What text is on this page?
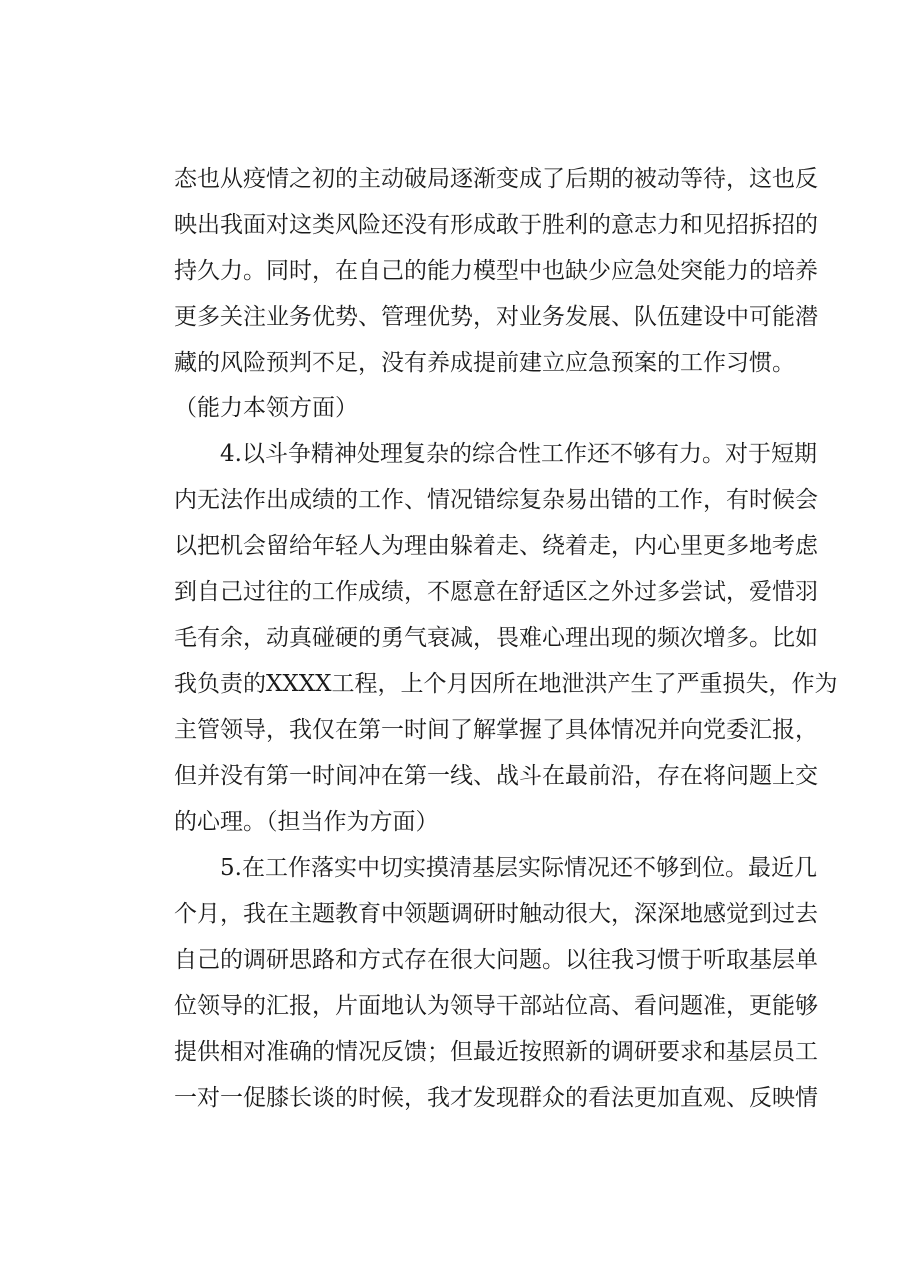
态也从疫情之初的主动破局逐渐变成了后期的被动等待，这也反
映出我面对这类风险还没有形成敢于胜利的意志力和见招拆招的
持久力。同时，在自己的能力模型中也缺少应急处突能力的培养
更多关注业务优势、管理优势，对业务发展、队伍建设中可能潜
藏的风险预判不足，没有养成提前建立应急预案的工作习惯。
（能力本领方面）
4.以斗争精神处理复杂的综合性工作还不够有力。对于短期
内无法作出成绩的工作、情况错综复杂易出错的工作，有时候会
以把机会留给年轻人为理由躲着走、绕着走，内心里更多地考虑
到自己过往的工作成绩，不愿意在舒适区之外过多尝试，爱惜羽
毛有余，动真碰硬的勇气衰减，畏难心理出现的频次增多。比如
我负责的XXXX工程，上个月因所在地泄洪产生了严重损失，作为
主管领导，我仅在第一时间了解掌握了具体情况并向党委汇报，
但并没有第一时间冲在第一线、战斗在最前沿，存在将问题上交
的心理。（担当作为方面）
5.在工作落实中切实摸清基层实际情况还不够到位。最近几
个月，我在主题教育中领题调研时触动很大，深深地感觉到过去
自己的调研思路和方式存在很大问题。以往我习惯于听取基层单
位领导的汇报，片面地认为领导干部站位高、看问题准，更能够
提供相对准确的情况反馈；但最近按照新的调研要求和基层员工
一对一促膝长谈的时候，我才发现群众的看法更加直观、反映情
